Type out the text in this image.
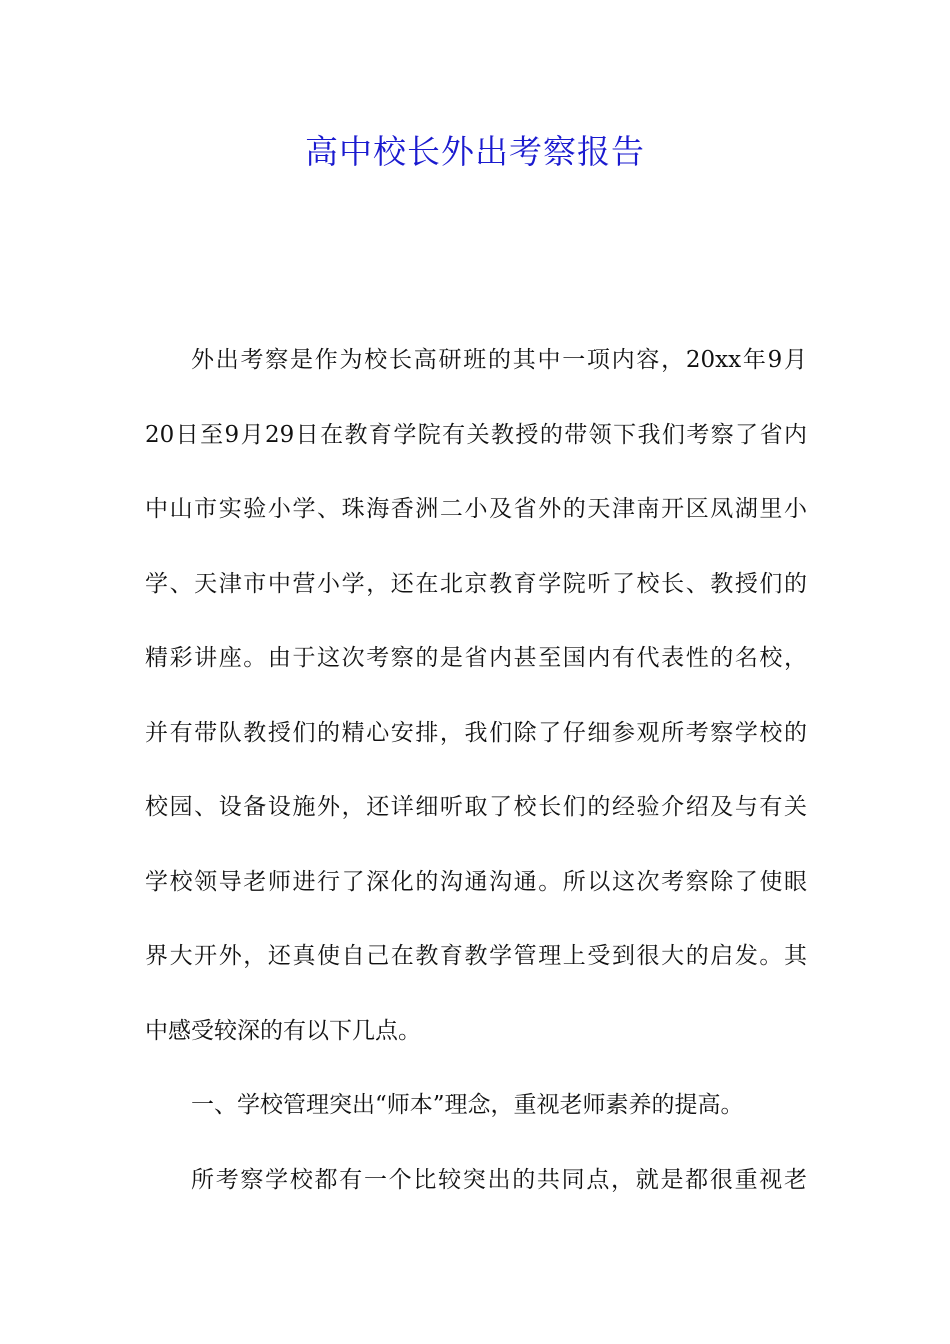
高中校长外出考察报告
外出考察是作为校长高研班的其中一项内容，20xx年9月
20日至9月29日在教育学院有关教授的带领下我们考察了省内
中山市实验小学、珠海香洲二小及省外的天津南开区凤湖里小
学、天津市中营小学，还在北京教育学院听了校长、教授们的
精彩讲座。由于这次考察的是省内甚至国内有代表性的名校，
并有带队教授们的精心安排，我们除了仔细参观所考察学校的
校园、设备设施外，还详细听取了校长们的经验介绍及与有关
学校领导老师进行了深化的沟通沟通。所以这次考察除了使眼
界大开外，还真使自己在教育教学管理上受到很大的启发。其
中感受较深的有以下几点。
一、学校管理突出“师本”理念，重视老师素养的提高。
所考察学校都有一个比较突出的共同点，就是都很重视老
